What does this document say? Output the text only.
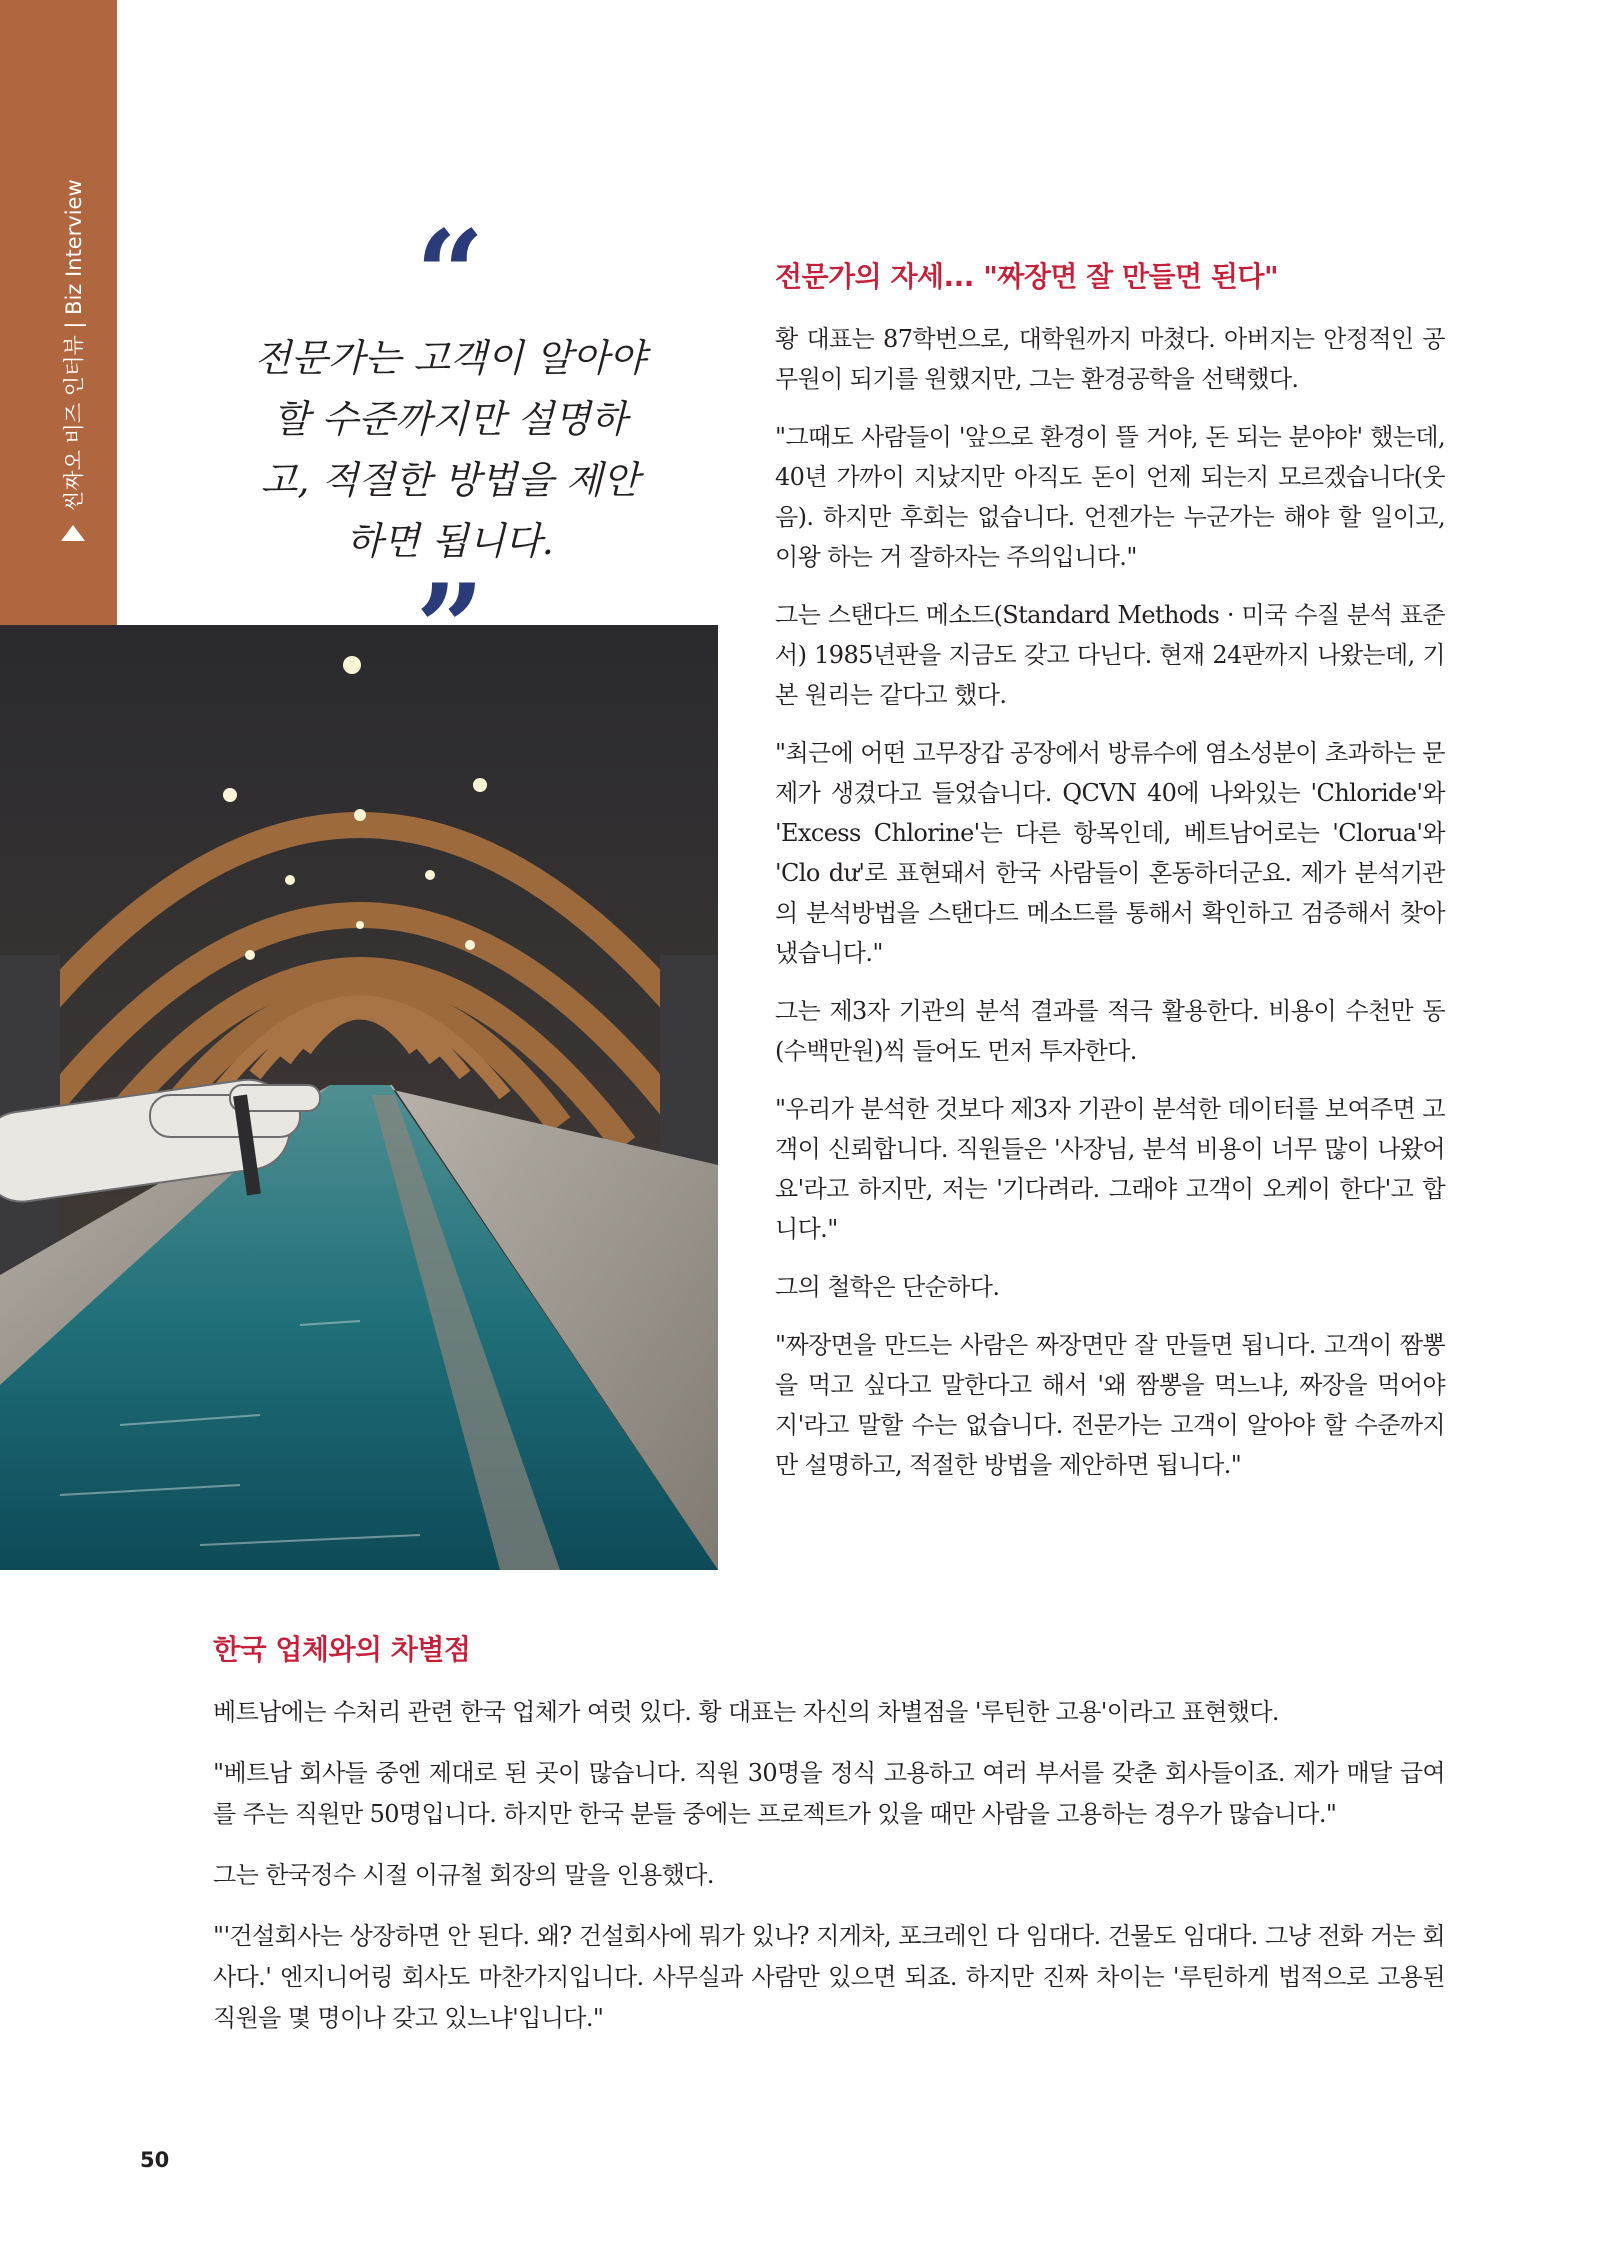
씬짜오 비즈 인터뷰 | Biz Interview	“
전문가는 고객이 알아야 할 수준까지만 설명하고, 적절한 방법을 제안하면 됩니다.
전문가의 자세... "짜장면 잘 만들면 된다"

황 대표는 87학번으로, 대학원까지 마쳤다. 아버지는 안정적인 공무원이 되기를 원했지만, 그는 환경공학을 선택했다.

"그때도 사람들이 '앞으로 환경이 뜰 거야, 돈 되는 분야야' 했는데, 40년 가까이 지났지만 아직도 돈이 언제 되는지 모르겠습니다(웃음). 하지만 후회는 없습니다. 언젠가는 누군가는 해야 할 일이고, 이왕 하는 거 잘하자는 주의입니다."

그는 스탠다드 메소드(Standard Methods · 미국 수질 분석 표준서) 1985년판을 지금도 갖고 다닌다. 현재 24판까지 나왔는데, 기본 원리는 같다고 했다.

"최근에 어떤 고무장갑 공장에서 방류수에 염소성분이 초과하는 문제가 생겼다고 들었습니다. QCVN 40에 나와있는 'Chloride'와 'Excess Chlorine'는 다른 항목인데, 베트남어로는 'Clorua'와 'Clo dư'로 표현돼서 한국 사람들이 혼동하더군요. 제가 분석기관의 분석방법을 스탠다드 메소드를 통해서 확인하고 검증해서 찾아냈습니다."

그는 제3자 기관의 분석 결과를 적극 활용한다. 비용이 수천만 동(수백만원)씩 들어도 먼저 투자한다.

"우리가 분석한 것보다 제3자 기관이 분석한 데이터를 보여주면 고객이 신뢰합니다. 직원들은 '사장님, 분석 비용이 너무 많이 나왔어요'라고 하지만, 저는 '기다려라. 그래야 고객이 오케이 한다'고 합니다."

그의 철학은 단순하다.

"짜장면을 만드는 사람은 짜장면만 잘 만들면 됩니다. 고객이 짬뽕을 먹고 싶다고 말한다고 해서 '왜 짬뽕을 먹느냐, 짜장을 먹어야지'라고 말할 수는 없습니다. 전문가는 고객이 알아야 할 수준까지만 설명하고, 적절한 방법을 제안하면 됩니다."

한국 업체와의 차별점

베트남에는 수처리 관련 한국 업체가 여럿 있다. 황 대표는 자신의 차별점을 '루틴한 고용'이라고 표현했다.

"베트남 회사들 중엔 제대로 된 곳이 많습니다. 직원 30명을 정식 고용하고 여러 부서를 갖춘 회사들이죠. 제가 매달 급여를 주는 직원만 50명입니다. 하지만 한국 분들 중에는 프로젝트가 있을 때만 사람을 고용하는 경우가 많습니다."

그는 한국정수 시절 이규철 회장의 말을 인용했다.

"'건설회사는 상장하면 안 된다. 왜? 건설회사에 뭐가 있나? 지게차, 포크레인 다 임대다. 건물도 임대다. 그냥 전화 거는 회사다.' 엔지니어링 회사도 마찬가지입니다. 사무실과 사람만 있으면 되죠. 하지만 진짜 차이는 '루틴하게 법적으로 고용된 직원을 몇 명이나 갖고 있느냐'입니다."

50
